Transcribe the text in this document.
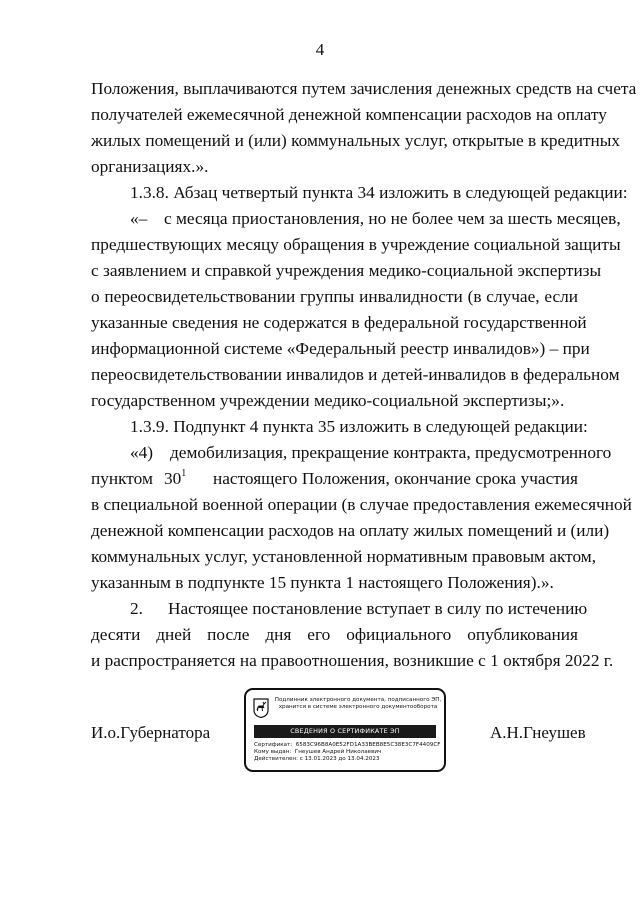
4
Положения, выплачиваются путем зачисления денежных средств на счета
получателей ежемесячной денежной компенсации расходов на оплату
жилых помещений и (или) коммунальных услуг, открытые в кредитных
организациях.».
1.3.8. Абзац четвертый пункта 34 изложить в следующей редакции:
«– с месяца приостановления, но не более чем за шесть месяцев,
предшествующих месяцу обращения в учреждение социальной защиты
с заявлением и справкой учреждения медико-социальной экспертизы
о переосвидетельствовании группы инвалидности (в случае, если
указанные сведения не содержатся в федеральной государственной
информационной системе «Федеральный реестр инвалидов») – при
переосвидетельствовании инвалидов и детей-инвалидов в федеральном
государственном учреждении медико-социальной экспертизы;».
1.3.9. Подпункт 4 пункта 35 изложить в следующей редакции:
«4) демобилизация, прекращение контракта, предусмотренного
пунктом $30^1$	настоящего Положения, окончание срока участия
в специальной военной операции (в случае предоставления ежемесячной
денежной компенсации расходов на оплату жилых помещений и (или)
коммунальных услуг, установленной нормативным правовым актом,
указанным в подпункте 15 пункта 1 настоящего Положения).».
2.	Настоящее постановление вступает в силу по истечению
десяти дней после дня его официального опубликования
и распространяется на правоотношения, возникшие с 1 октября 2022 г.
И.о.Губернатора	А.Н.Гнеушев
Подлинник электронного документа, подписанного ЭП,
хранится в системе электронного документооборота
СВЕДЕНИЯ О СЕРТИФИКАТЕ ЭП
Сертификат: 6583C96B8A0E52FD1A33BEB8E5C38E3C7F4409CF
Кому выдан: Гнеушев Андрей Николаевич
Действителен: с 13.01.2023 до 13.04.2023
